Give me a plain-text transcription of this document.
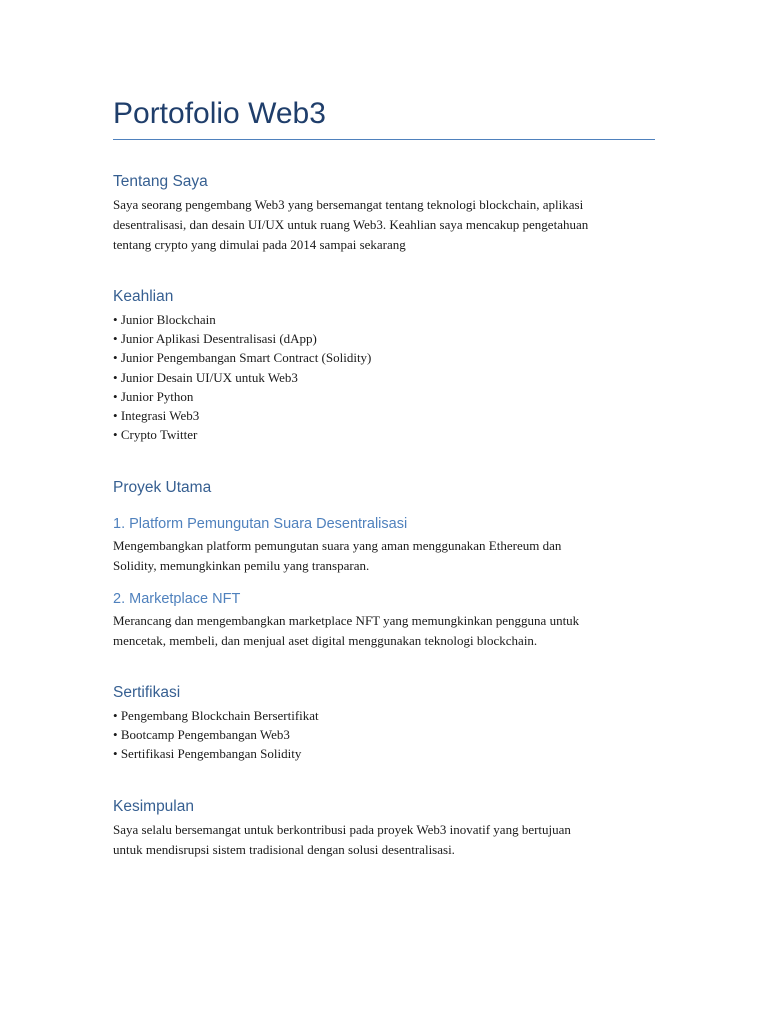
Portofolio Web3
Tentang Saya

Saya seorang pengembang Web3 yang bersemangat tentang teknologi blockchain, aplikasi
desentralisasi, dan desain UI/UX untuk ruang Web3. Keahlian saya mencakup pengetahuan
tentang crypto yang dimulai pada 2014 sampai sekarang

Keahlian
• Junior Blockchain
• Junior Aplikasi Desentralisasi (dApp)
• Junior Pengembangan Smart Contract (Solidity)
• Junior Desain UI/UX untuk Web3
• Junior Python
• Integrasi Web3
• Crypto Twitter
Proyek Utama
1. Platform Pemungutan Suara Desentralisasi

Mengembangkan platform pemungutan suara yang aman menggunakan Ethereum dan
Solidity, memungkinkan pemilu yang transparan.

2. Marketplace NFT

Merancang dan mengembangkan marketplace NFT yang memungkinkan pengguna untuk
mencetak, membeli, dan menjual aset digital menggunakan teknologi blockchain.

Sertifikasi
• Pengembang Blockchain Bersertifikat
• Bootcamp Pengembangan Web3
• Sertifikasi Pengembangan Solidity
Kesimpulan

Saya selalu bersemangat untuk berkontribusi pada proyek Web3 inovatif yang bertujuan
untuk mendisrupsi sistem tradisional dengan solusi desentralisasi.
